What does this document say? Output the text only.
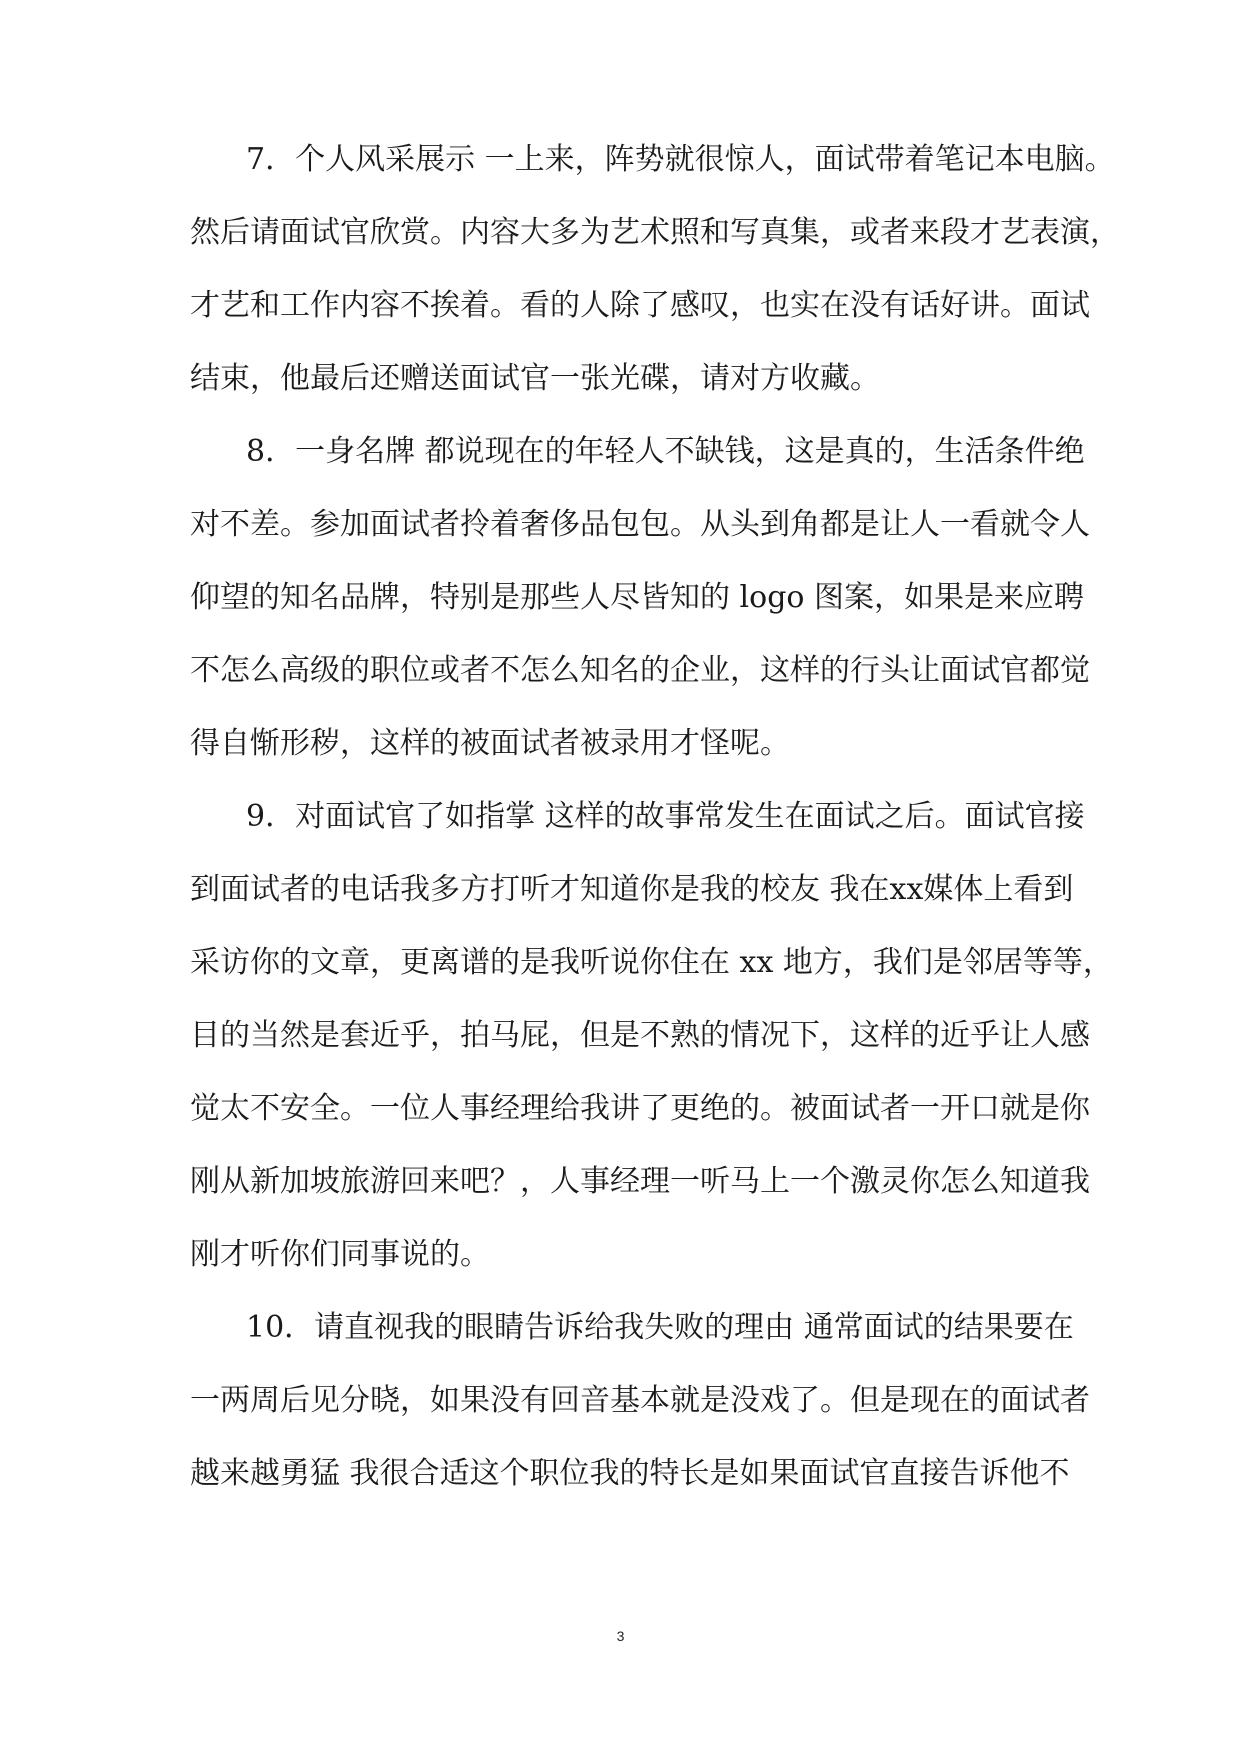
7．个人风采展示 一上来，阵势就很惊人，面试带着笔记本电脑。
然后请面试官欣赏。内容大多为艺术照和写真集，或者来段才艺表演，
才艺和工作内容不挨着。看的人除了感叹，也实在没有话好讲。面试
结束，他最后还赠送面试官一张光碟，请对方收藏。
8．一身名牌 都说现在的年轻人不缺钱，这是真的，生活条件绝
对不差。参加面试者拎着奢侈品包包。从头到角都是让人一看就令人
仰望的知名品牌，特别是那些人尽皆知的 logo 图案，如果是来应聘
不怎么高级的职位或者不怎么知名的企业，这样的行头让面试官都觉
得自惭形秽，这样的被面试者被录用才怪呢。
9．对面试官了如指掌 这样的故事常发生在面试之后。面试官接
到面试者的电话我多方打听才知道你是我的校友 我在xx媒体上看到
采访你的文章，更离谱的是我听说你住在 xx 地方，我们是邻居等等，
目的当然是套近乎，拍马屁，但是不熟的情况下，这样的近乎让人感
觉太不安全。一位人事经理给我讲了更绝的。被面试者一开口就是你
刚从新加坡旅游回来吧？，人事经理一听马上一个激灵你怎么知道我
刚才听你们同事说的。
10．请直视我的眼睛告诉给我失败的理由 通常面试的结果要在
一两周后见分晓，如果没有回音基本就是没戏了。但是现在的面试者
越来越勇猛 我很合适这个职位我的特长是如果面试官直接告诉他不
3
